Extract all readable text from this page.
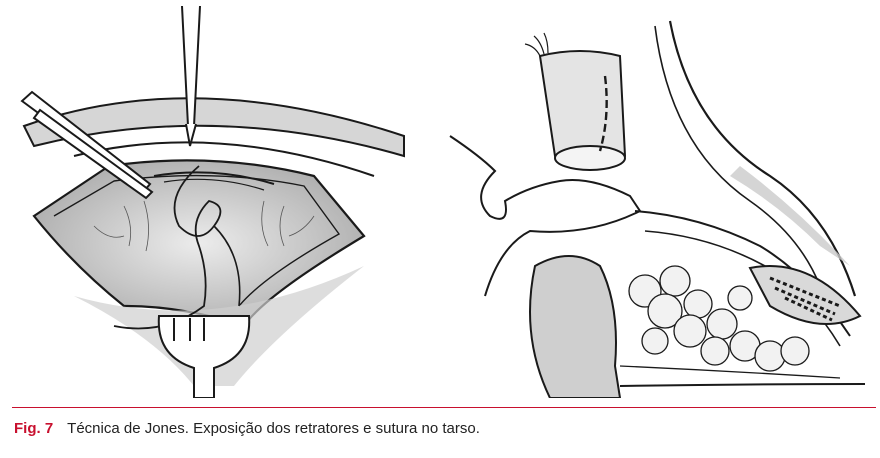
Fig. 7 Técnica de Jones. Exposição dos retratores e sutura no tarso.
